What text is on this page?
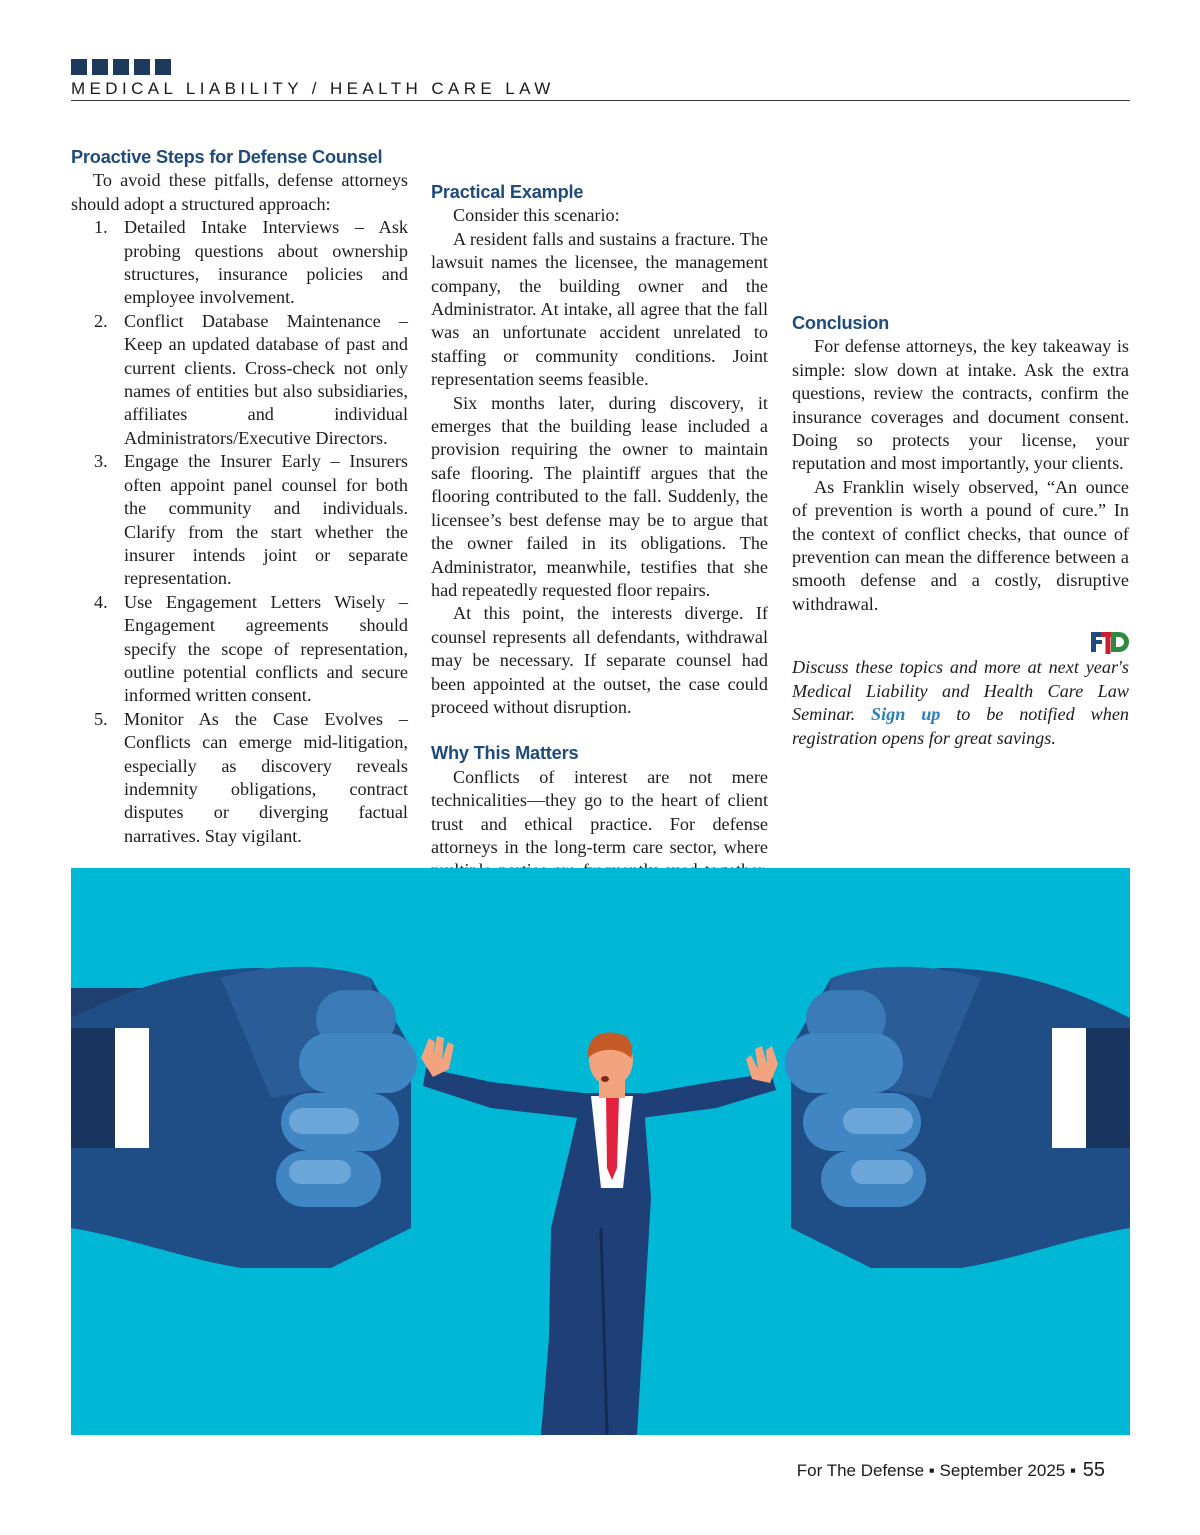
MEDICAL LIABILITY / HEALTH CARE LAW
Proactive Steps for Defense Counsel

To avoid these pitfalls, defense attorneys should adopt a structured approach:

1. Detailed Intake Interviews – Ask probing questions about ownership structures, insurance policies and employee involvement.
2. Conflict Database Maintenance – Keep an updated database of past and current clients. Cross-check not only names of entities but also subsidiaries, affiliates and individual Administrators/Executive Directors.
3. Engage the Insurer Early – Insurers often appoint panel counsel for both the community and individuals. Clarify from the start whether the insurer intends joint or separate representation.
4. Use Engagement Letters Wisely – Engagement agreements should specify the scope of representation, outline potential conflicts and secure informed written consent.
5. Monitor As the Case Evolves – Conflicts can emerge mid-litigation, especially as discovery reveals indemnity obligations, contract disputes or diverging factual narratives. Stay vigilant.
Practical Example

Consider this scenario:

A resident falls and sustains a fracture. The lawsuit names the licensee, the management company, the building owner and the Administrator. At intake, all agree that the fall was an unfortunate accident unrelated to staffing or community conditions. Joint representation seems feasible.

Six months later, during discovery, it emerges that the building lease included a provision requiring the owner to maintain safe flooring. The plaintiff argues that the flooring contributed to the fall. Suddenly, the licensee’s best defense may be to argue that the owner failed in its obligations. The Administrator, meanwhile, testifies that she had repeatedly requested floor repairs.

At this point, the interests diverge. If counsel represents all defendants, withdrawal may be necessary. If separate counsel had been appointed at the outset, the case could proceed without disruption.

Why This Matters

Conflicts of interest are not mere technicalities—they go to the heart of client trust and ethical practice. For defense attorneys in the long-term care sector, where

Conclusion

For defense attorneys, the key takeaway is simple: slow down at intake. Ask the extra questions, review the contracts, confirm the insurance coverages and document consent. Doing so protects your license, your reputation and most importantly, your clients.

As Franklin wisely observed, “An ounce of prevention is worth a pound of cure.” In the context of conflict checks, that ounce of prevention can mean the difference between a smooth defense and a costly, disruptive withdrawal.

Discuss these topics and more at next year's Medical Liability and Health Care Law Seminar. Sign up to be notified when registration opens for great savings.

For The Defense ▪ September 2025 ▪ 55
